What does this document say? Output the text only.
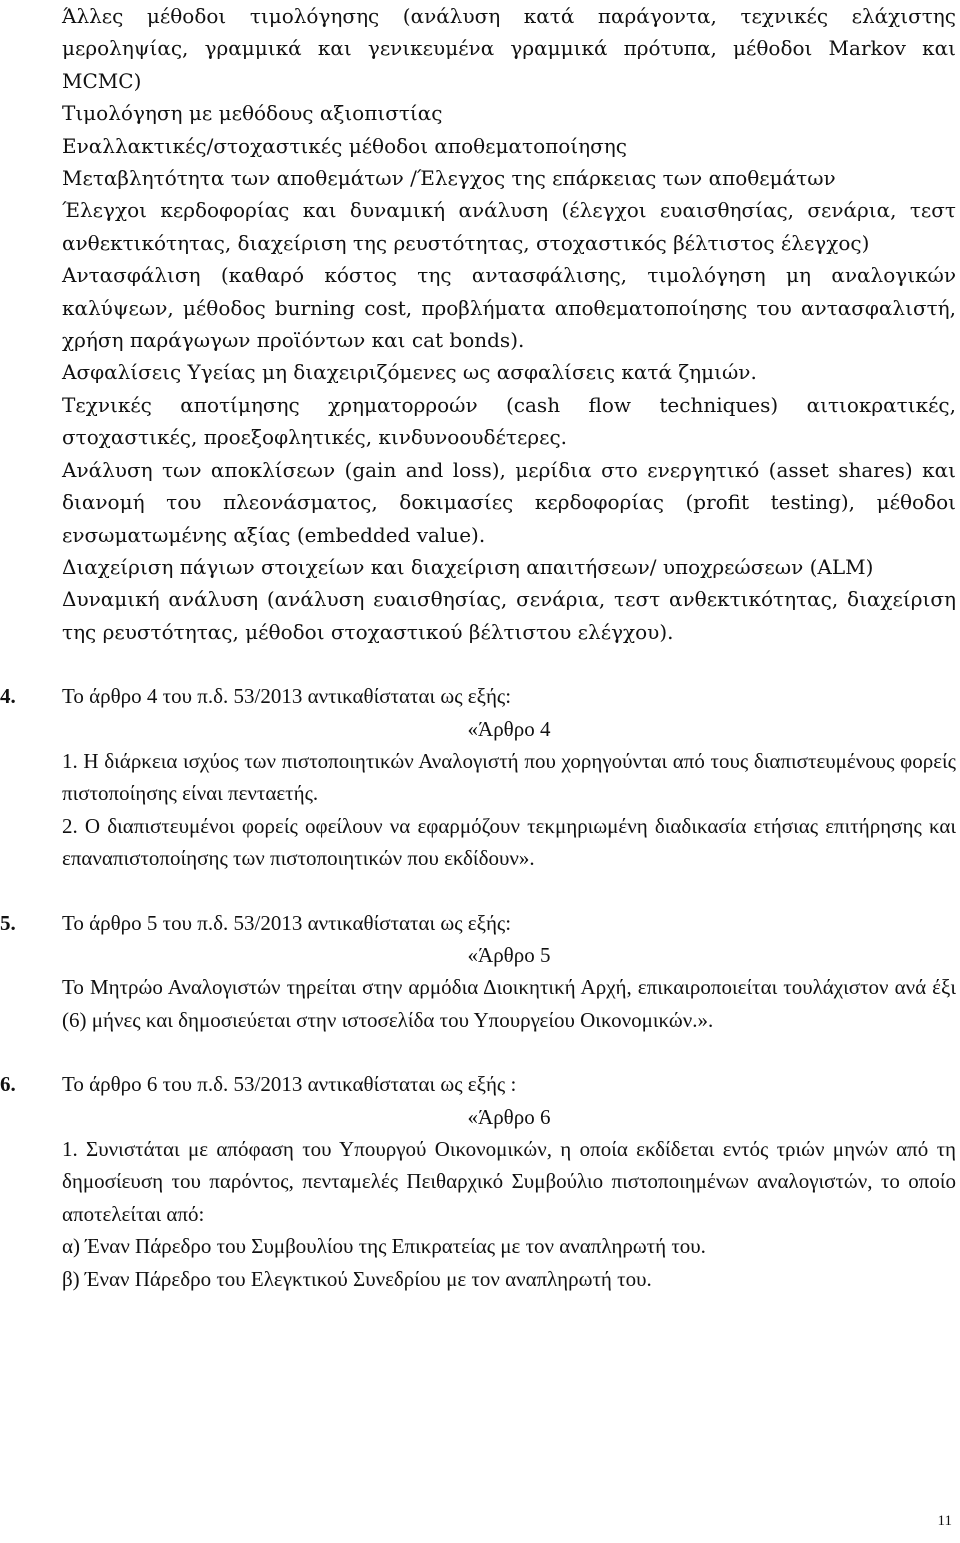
Άλλες μέθοδοι τιμολόγησης (ανάλυση κατά παράγοντα, τεχνικές ελάχιστης μεροληψίας, γραμμικά και γενικευμένα γραμμικά πρότυπα, μέθοδοι Markov και MCMC)

Τιμολόγηση με μεθόδους αξιοπιστίας

Εναλλακτικές/στοχαστικές μέθοδοι αποθεματοποίησης

Μεταβλητότητα των αποθεμάτων /Έλεγχος της επάρκειας των αποθεμάτων

Έλεγχοι κερδοφορίας και δυναμική ανάλυση (έλεγχοι ευαισθησίας, σενάρια, τεστ ανθεκτικότητας, διαχείριση της ρευστότητας, στοχαστικός βέλτιστος έλεγχος)

Αντασφάλιση (καθαρό κόστος της αντασφάλισης, τιμολόγηση μη αναλογικών καλύψεων, μέθοδος burning cost, προβλήματα αποθεματοποίησης του αντασφαλιστή, χρήση παράγωγων προϊόντων και cat bonds).

Ασφαλίσεις Υγείας μη διαχειριζόμενες ως ασφαλίσεις κατά ζημιών.

Τεχνικές αποτίμησης χρηματορροών (cash flow techniques) αιτιοκρατικές, στοχαστικές, προεξοφλητικές, κινδυνοουδέτερες.

Ανάλυση των αποκλίσεων (gain and loss), μερίδια στο ενεργητικό (asset shares) και διανομή του πλεονάσματος, δοκιμασίες κερδοφορίας (profit testing), μέθοδοι ενσωματωμένης αξίας (embedded value).

Διαχείριση πάγιων στοιχείων και διαχείριση απαιτήσεων/ υποχρεώσεων (ALM)

Δυναμική ανάλυση (ανάλυση ευαισθησίας, σενάρια, τεστ ανθεκτικότητας, διαχείριση της ρευστότητας, μέθοδοι στοχαστικού βέλτιστου ελέγχου).

4. Το άρθρο 4 του π.δ. 53/2013 αντικαθίσταται ως εξής:
«Άρθρο 4

1. Η διάρκεια ισχύος των πιστοποιητικών Αναλογιστή που χορηγούνται από τους διαπιστευμένους φορείς πιστοποίησης είναι πενταετής.

2. Ο διαπιστευμένοι φορείς οφείλουν να εφαρμόζουν τεκμηριωμένη διαδικασία ετήσιας επιτήρησης και επαναπιστοποίησης των πιστοποιητικών που εκδίδουν».

5. Το άρθρο 5 του π.δ. 53/2013 αντικαθίσταται ως εξής:
«Άρθρο 5

Το Μητρώο Αναλογιστών τηρείται στην αρμόδια Διοικητική Αρχή, επικαιροποιείται τουλάχιστον ανά έξι (6) μήνες και δημοσιεύεται στην ιστοσελίδα του Υπουργείου Οικονομικών.».

6. Το άρθρο 6 του π.δ. 53/2013 αντικαθίσταται ως εξής :
«Άρθρο 6

1. Συνιστάται με απόφαση του Υπουργού Οικονομικών, η οποία εκδίδεται εντός τριών μηνών από τη δημοσίευση του παρόντος, πενταμελές Πειθαρχικό Συμβούλιο πιστοποιημένων αναλογιστών, το οποίο αποτελείται από:

α) Έναν Πάρεδρο του Συμβουλίου της Επικρατείας με τον αναπληρωτή του.

β) Έναν Πάρεδρο του Ελεγκτικού Συνεδρίου με τον αναπληρωτή του.

11
